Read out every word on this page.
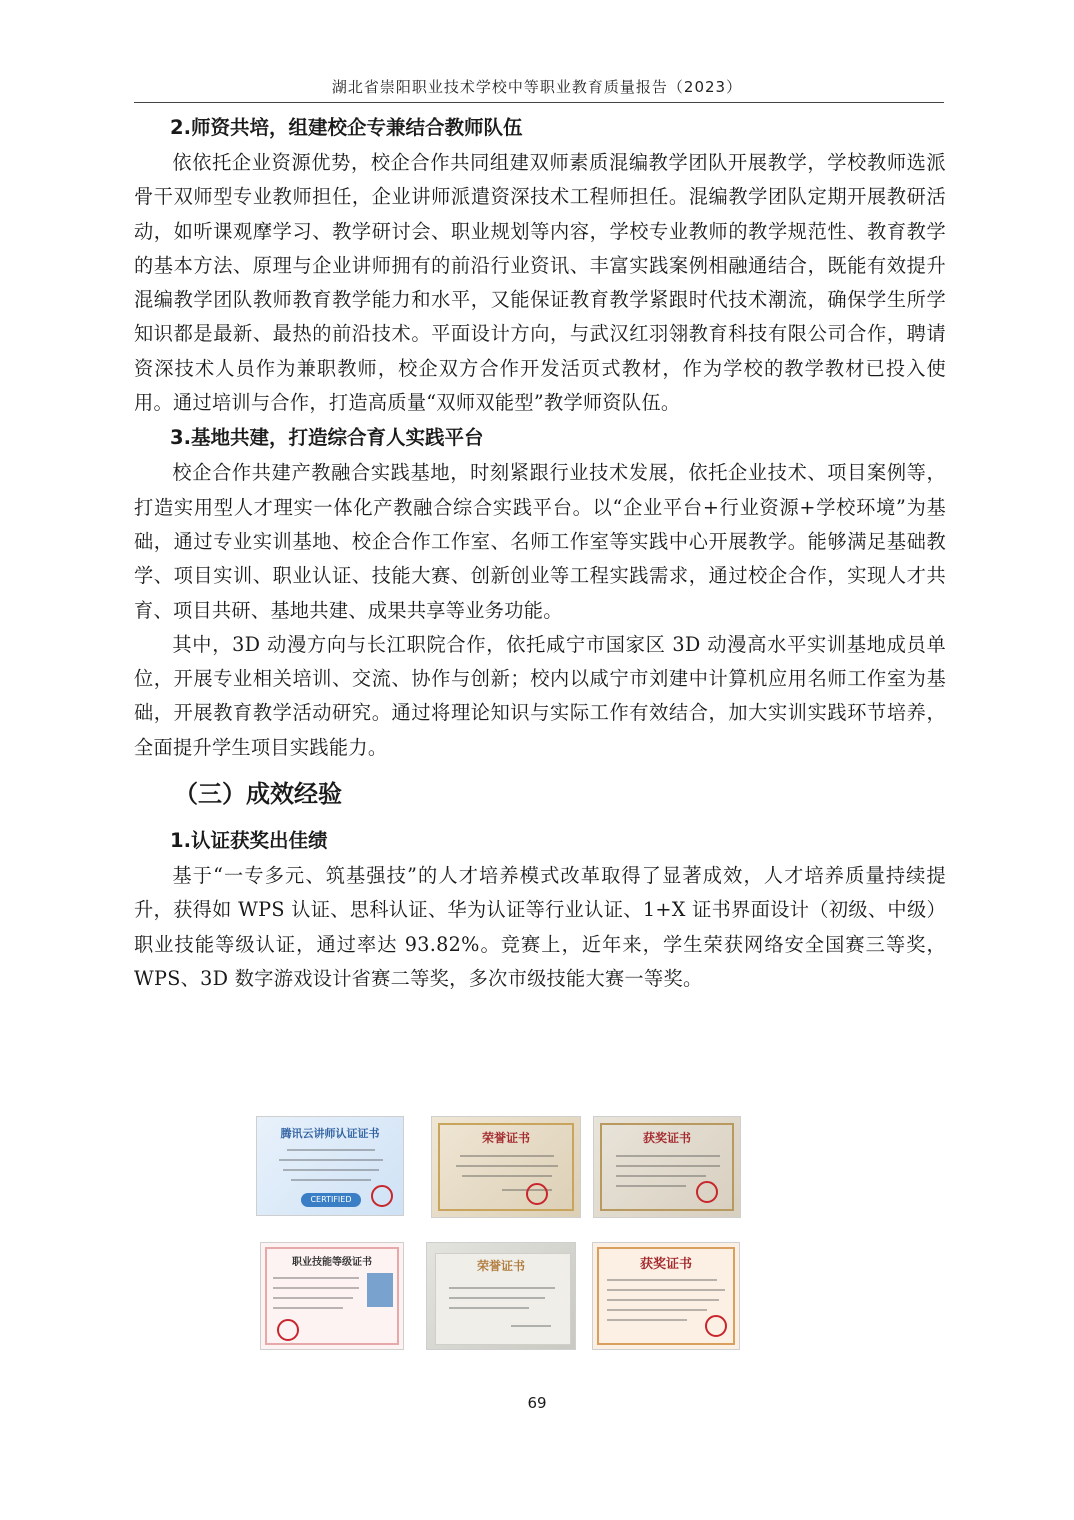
湖北省崇阳职业技术学校中等职业教育质量报告（2023）
2.师资共培，组建校企专兼结合教师队伍

依依托企业资源优势，校企合作共同组建双师素质混编教学团队开展教学，学校教师选派骨干双师型专业教师担任，企业讲师派遣资深技术工程师担任。混编教学团队定期开展教研活动，如听课观摩学习、教学研讨会、职业规划等内容，学校专业教师的教学规范性、教育教学的基本方法、原理与企业讲师拥有的前沿行业资讯、丰富实践案例相融通结合，既能有效提升混编教学团队教师教育教学能力和水平，又能保证教育教学紧跟时代技术潮流，确保学生所学知识都是最新、最热的前沿技术。平面设计方向，与武汉红羽翎教育科技有限公司合作，聘请资深技术人员作为兼职教师，校企双方合作开发活页式教材，作为学校的教学教材已投入使用。通过培训与合作，打造高质量“双师双能型”教学师资队伍。

3.基地共建，打造综合育人实践平台

校企合作共建产教融合实践基地，时刻紧跟行业技术发展，依托企业技术、项目案例等，打造实用型人才理实一体化产教融合综合实践平台。以“企业平台+行业资源+学校环境”为基础，通过专业实训基地、校企合作工作室、名师工作室等实践中心开展教学。能够满足基础教学、项目实训、职业认证、技能大赛、创新创业等工程实践需求，通过校企合作，实现人才共育、项目共研、基地共建、成果共享等业务功能。

其中，3D 动漫方向与长江职院合作，依托咸宁市国家区 3D 动漫高水平实训基地成员单位，开展专业相关培训、交流、协作与创新；校内以咸宁市刘建中计算机应用名师工作室为基础，开展教育教学活动研究。通过将理论知识与实际工作有效结合，加大实训实践环节培养，全面提升学生项目实践能力。

（三）成效经验
1.认证获奖出佳绩

基于“一专多元、筑基强技”的人才培养模式改革取得了显著成效，人才培养质量持续提升，获得如 WPS 认证、思科认证、华为认证等行业认证、1+X 证书界面设计（初级、中级）职业技能等级认证，通过率达 93.82%。竞赛上，近年来，学生荣获网络安全国赛三等奖，WPS、3D 数字游戏设计省赛二等奖，多次市级技能大赛一等奖。

腾讯云讲师认证证书
CERTIFIED
荣誉证书	获奖证书
职业技能等级证书	荣誉证书	获奖证书
69
